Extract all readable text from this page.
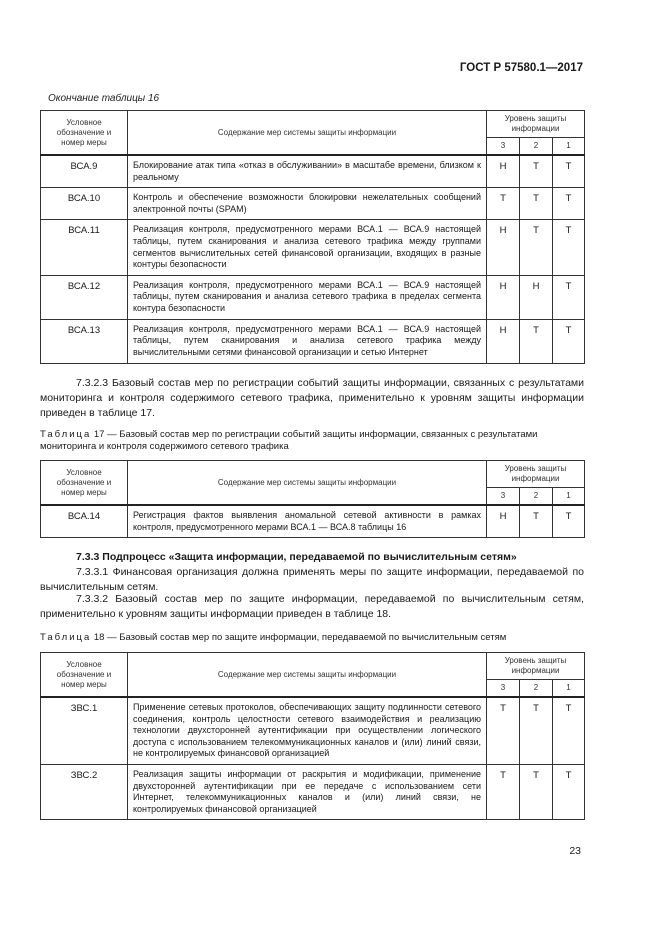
ГОСТ Р 57580.1—2017
Окончание таблицы 16
Условное обозначение и номер меры	Содержание мер системы защиты информации	Уровень защиты информации		
		3	2	1
ВСА.9	Блокирование атак типа «отказ в обслуживании» в масштабе времени, близком к реальному	Н	Т	Т
ВСА.10	Контроль и обеспечение возможности блокировки нежелательных сообщений электронной почты (SPAM)	Т	Т	Т
ВСА.11	Реализация контроля, предусмотренного мерами ВСА.1 — ВСА.9 настоящей таблицы, путем сканирования и анализа сетевого трафика между группами сегментов вычислительных сетей финансовой организации, входящих в разные контуры безопасности	Н	Т	Т
ВСА.12	Реализация контроля, предусмотренного мерами ВСА.1 — ВСА.9 настоящей таблицы, путем сканирования и анализа сетевого трафика в пределах сегмента контура безопасности	Н	Н	Т
ВСА.13	Реализация контроля, предусмотренного мерами ВСА.1 — ВСА.9 настоящей таблицы, путем сканирования и анализа сетевого трафика между вычислительными сетями финансовой организации и сетью Интернет	Н	Т	Т
7.3.2.3 Базовый состав мер по регистрации событий защиты информации, связанных с результатами мониторинга и контроля содержимого сетевого трафика, применительно к уровням защиты информации приведен в таблице 17.
Таблица 17 — Базовый состав мер по регистрации событий защиты информации, связанных с результатами мониторинга и контроля содержимого сетевого трафика
Условное обозначение и номер меры	Содержание мер системы защиты информации	Уровень защиты информации		
		3	2	1
ВСА.14	Регистрация фактов выявления аномальной сетевой активности в рамках контроля, предусмотренного мерами ВСА.1 — ВСА.8 таблицы 16	Н	Т	Т
7.3.3 Подпроцесс «Защита информации, передаваемой по вычислительным сетям»
7.3.3.1 Финансовая организация должна применять меры по защите информации, передаваемой по вычислительным сетям.
7.3.3.2 Базовый состав мер по защите информации, передаваемой по вычислительным сетям, применительно к уровням защиты информации приведен в таблице 18.
Таблица 18 — Базовый состав мер по защите информации, передаваемой по вычислительным сетям
Условное обозначение и номер меры	Содержание мер системы защиты информации	Уровень защиты информации		
		3	2	1
ЗВС.1	Применение сетевых протоколов, обеспечивающих защиту подлинности сетевого соединения, контроль целостности сетевого взаимодействия и реализацию технологии двухсторонней аутентификации при осуществлении логического доступа с использованием телекоммуникационных каналов и (или) линий связи, не контролируемых финансовой организацией	Т	Т	Т
ЗВС.2	Реализация защиты информации от раскрытия и модификации, применение двухсторонней аутентификации при ее передаче с использованием сети Интернет, телекоммуникационных каналов и (или) линий связи, не контролируемых финансовой организацией	Т	Т	Т
23
